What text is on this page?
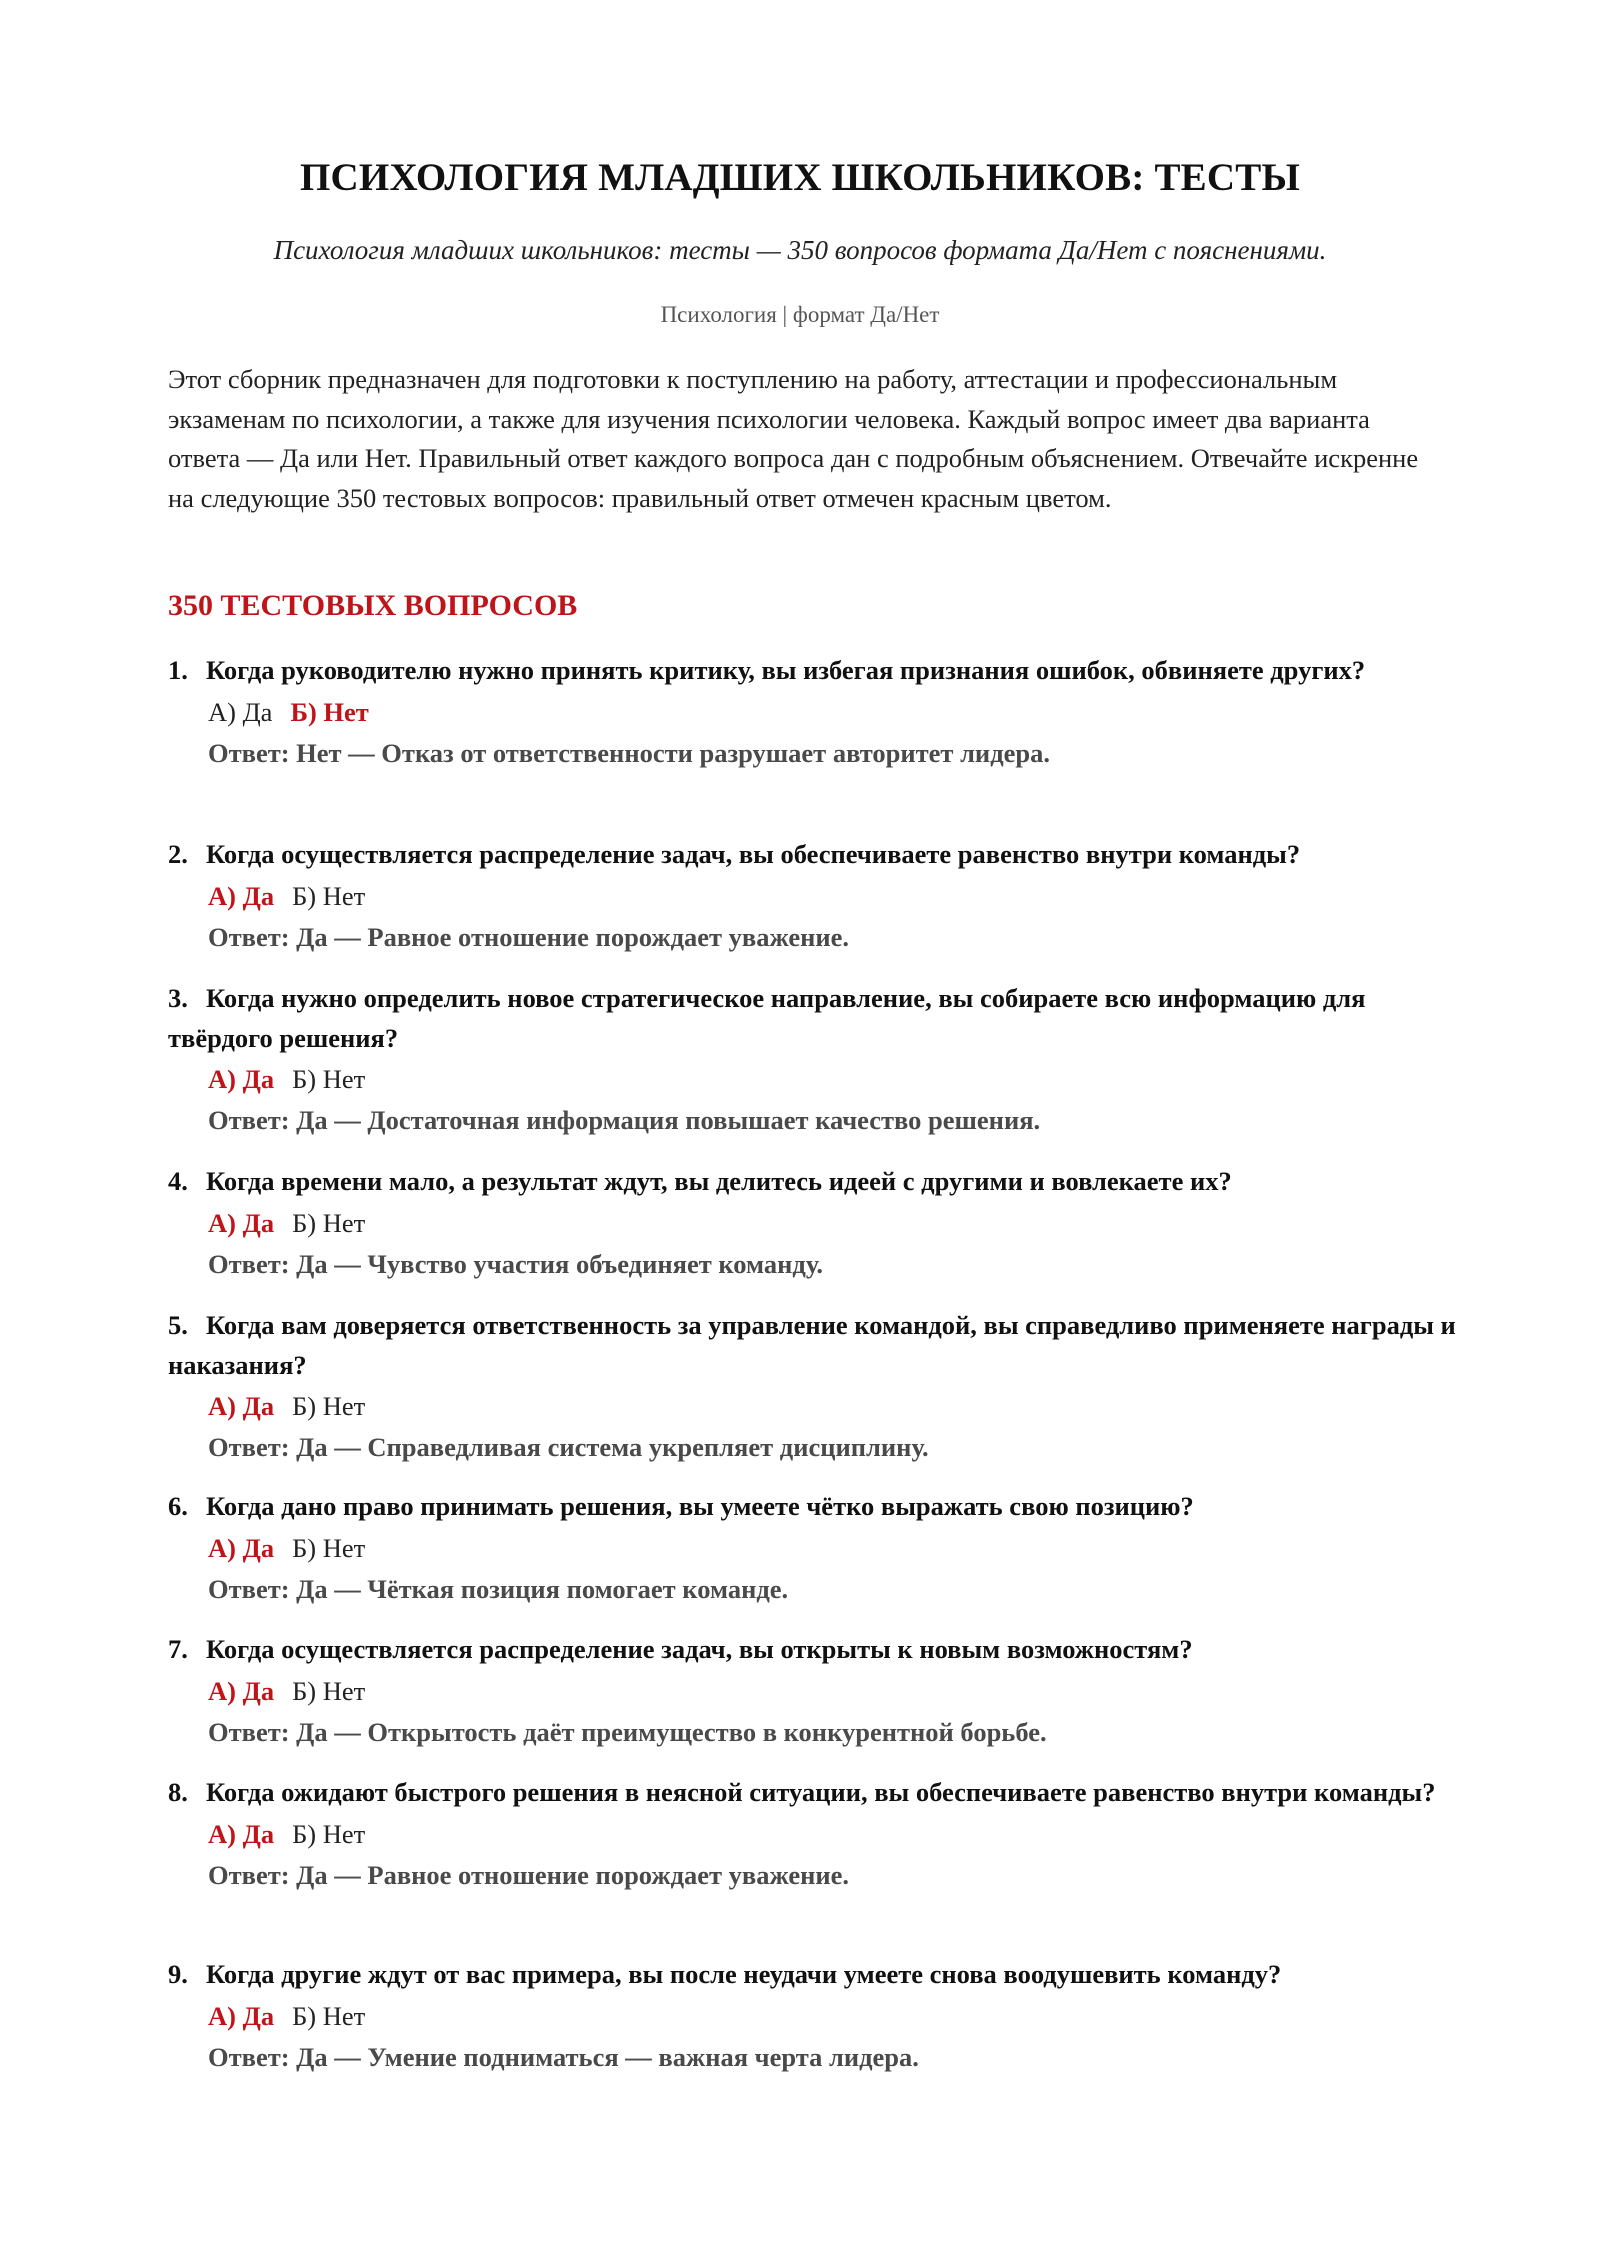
ПСИХОЛОГИЯ МЛАДШИХ ШКОЛЬНИКОВ: ТЕСТЫ
Психология младших школьников: тесты — 350 вопросов формата Да/Нет с пояснениями.
Психология | формат Да/Нет
Этот сборник предназначен для подготовки к поступлению на работу, аттестации и профессиональным экзаменам по психологии, а также для изучения психологии человека. Каждый вопрос имеет два варианта ответа — Да или Нет. Правильный ответ каждого вопроса дан с подробным объяснением. Отвечайте искренне на следующие 350 тестовых вопросов: правильный ответ отмечен красным цветом.
350 ТЕСТОВЫХ ВОПРОСОВ
1. Когда руководителю нужно принять критику, вы избегая признания ошибок, обвиняете других?
А) Да Б) Нет
Ответ: Нет — Отказ от ответственности разрушает авторитет лидера.
2. Когда осуществляется распределение задач, вы обеспечиваете равенство внутри команды?
А) Да Б) Нет
Ответ: Да — Равное отношение порождает уважение.
3. Когда нужно определить новое стратегическое направление, вы собираете всю информацию для твёрдого решения?
А) Да Б) Нет
Ответ: Да — Достаточная информация повышает качество решения.
4. Когда времени мало, а результат ждут, вы делитесь идеей с другими и вовлекаете их?
А) Да Б) Нет
Ответ: Да — Чувство участия объединяет команду.
5. Когда вам доверяется ответственность за управление командой, вы справедливо применяете награды и наказания?
А) Да Б) Нет
Ответ: Да — Справедливая система укрепляет дисциплину.
6. Когда дано право принимать решения, вы умеете чётко выражать свою позицию?
А) Да Б) Нет
Ответ: Да — Чёткая позиция помогает команде.
7. Когда осуществляется распределение задач, вы открыты к новым возможностям?
А) Да Б) Нет
Ответ: Да — Открытость даёт преимущество в конкурентной борьбе.
8. Когда ожидают быстрого решения в неясной ситуации, вы обеспечиваете равенство внутри команды?
А) Да Б) Нет
Ответ: Да — Равное отношение порождает уважение.
9. Когда другие ждут от вас примера, вы после неудачи умеете снова воодушевить команду?
А) Да Б) Нет
Ответ: Да — Умение подниматься — важная черта лидера.
